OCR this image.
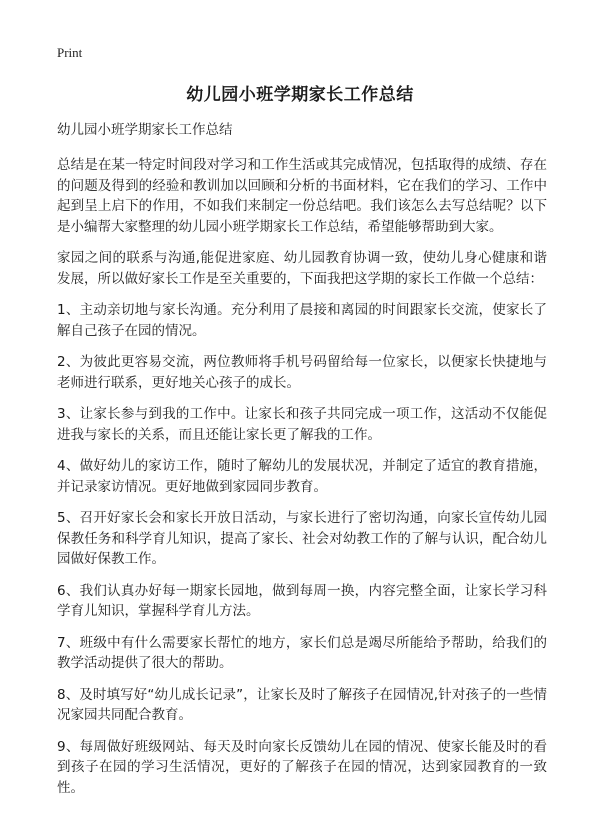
Print
幼儿园小班学期家长工作总结
幼儿园小班学期家长工作总结

总结是在某一特定时间段对学习和工作生活或其完成情况，包括取得的成绩、存在的问题及得到的经验和教训加以回顾和分析的书面材料，它在我们的学习、工作中起到呈上启下的作用，不如我们来制定一份总结吧。我们该怎么去写总结呢？以下是小编帮大家整理的幼儿园小班学期家长工作总结，希望能够帮助到大家。

家园之间的联系与沟通,能促进家庭、幼儿园教育协调一致，使幼儿身心健康和谐发展，所以做好家长工作是至关重要的，下面我把这学期的家长工作做一个总结：

1、主动亲切地与家长沟通。充分利用了晨接和离园的时间跟家长交流，使家长了解自己孩子在园的情况。

2、为彼此更容易交流，两位教师将手机号码留给每一位家长，以便家长快捷地与老师进行联系，更好地关心孩子的成长。

3、让家长参与到我的工作中。让家长和孩子共同完成一项工作，这活动不仅能促进我与家长的关系，而且还能让家长更了解我的工作。

4、做好幼儿的家访工作，随时了解幼儿的发展状况，并制定了适宜的教育措施，并记录家访情况。更好地做到家园同步教育。

5、召开好家长会和家长开放日活动，与家长进行了密切沟通，向家长宣传幼儿园保教任务和科学育儿知识，提高了家长、社会对幼教工作的了解与认识，配合幼儿园做好保教工作。

6、我们认真办好每一期家长园地，做到每周一换，内容完整全面，让家长学习科学育儿知识，掌握科学育儿方法。

7、班级中有什么需要家长帮忙的地方，家长们总是竭尽所能给予帮助，给我们的教学活动提供了很大的帮助。

8、及时填写好“幼儿成长记录”，让家长及时了解孩子在园情况,针对孩子的一些情况家园共同配合教育。

9、每周做好班级网站、每天及时向家长反馈幼儿在园的情况、使家长能及时的看到孩子在园的学习生活情况，更好的了解孩子在园的情况，达到家园教育的一致性。
